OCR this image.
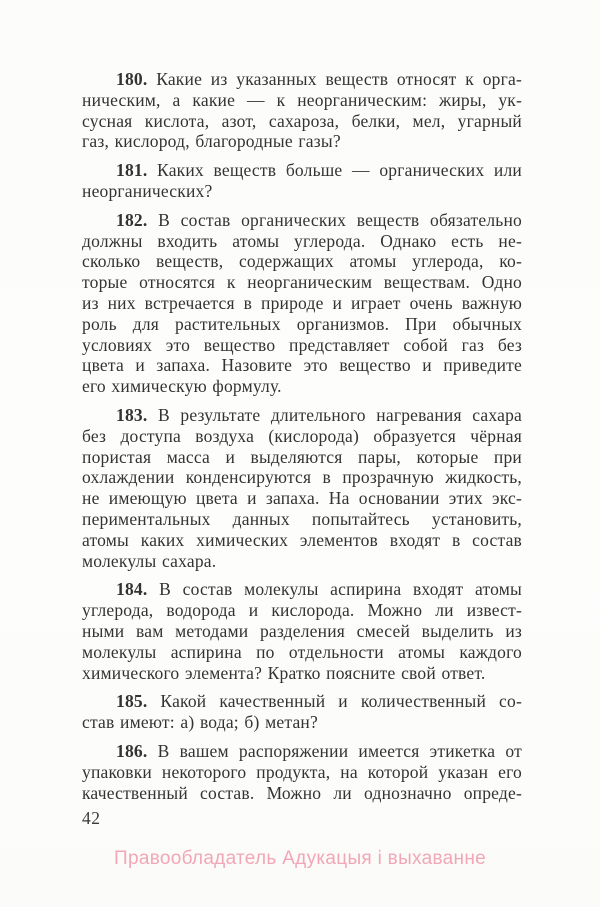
180. Какие из указанных веществ относят к орга-
ническим, а какие — к неорганическим: жиры, ук-
сусная кислота, азот, сахароза, белки, мел, угарный
газ, кислород, благородные газы?
181. Каких веществ больше — органических или
неорганических?
182. В состав органических веществ обязательно
должны входить атомы углерода. Однако есть не-
сколько веществ, содержащих атомы углерода, ко-
торые относятся к неорганическим веществам. Одно
из них встречается в природе и играет очень важную
роль для растительных организмов. При обычных
условиях это вещество представляет собой газ без
цвета и запаха. Назовите это вещество и приведите
его химическую формулу.
183. В результате длительного нагревания сахара
без доступа воздуха (кислорода) образуется чёрная
пористая масса и выделяются пары, которые при
охлаждении конденсируются в прозрачную жидкость,
не имеющую цвета и запаха. На основании этих экс-
периментальных данных попытайтесь установить,
атомы каких химических элементов входят в состав
молекулы сахара.
184. В состав молекулы аспирина входят атомы
углерода, водорода и кислорода. Можно ли извест-
ными вам методами разделения смесей выделить из
молекулы аспирина по отдельности атомы каждого
химического элемента? Кратко поясните свой ответ.
185. Какой качественный и количественный со-
став имеют: а) вода; б) метан?
186. В вашем распоряжении имеется этикетка от
упаковки некоторого продукта, на которой указан его
качественный состав. Можно ли однозначно опреде-
42
Правообладатель Адукацыя і выхаванне
